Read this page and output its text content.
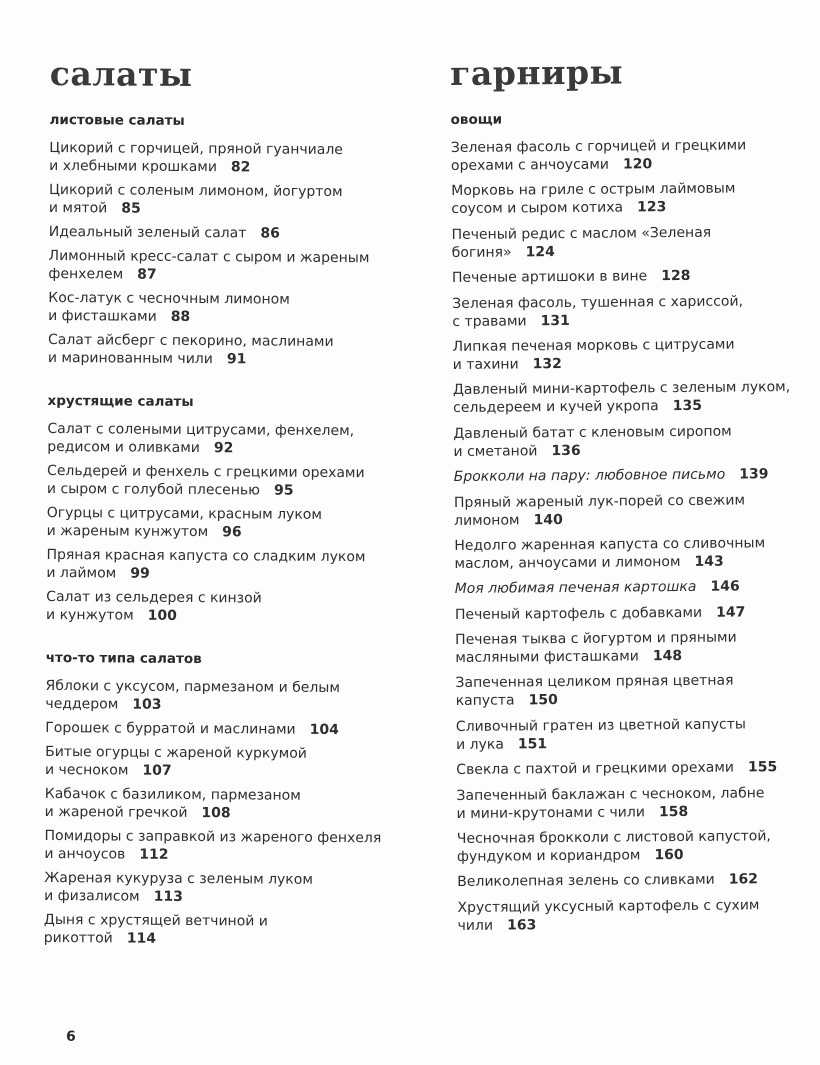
салаты
листовые салаты
Цикорий с горчицей, пряной гуанчиале
и хлебными крошками 82
Цикорий с соленым лимоном, йогуртом
и мятой 85
Идеальный зеленый салат 86
Лимонный кресс-салат с сыром и жареным
фенхелем 87
Кос-латук с чесночным лимоном
и фисташками 88
Салат айсберг с пекорино, маслинами
и маринованным чили 91
хрустящие салаты
Салат с солеными цитрусами, фенхелем,
редисом и оливками 92
Сельдерей и фенхель с грецкими орехами
и сыром с голубой плесенью 95
Огурцы с цитрусами, красным луком
и жареным кунжутом 96
Пряная красная капуста со сладким луком
и лаймом 99
Салат из сельдерея с кинзой
и кунжутом 100
что-то типа салатов
Яблоки с уксусом, пармезаном и белым
чеддером 103
Горошек с бурратой и маслинами 104
Битые огурцы с жареной куркумой
и чесноком 107
Кабачок с базиликом, пармезаном
и жареной гречкой 108
Помидоры с заправкой из жареного фенхеля
и анчоусов 112
Жареная кукуруза с зеленым луком
и физалисом 113
Дыня с хрустящей ветчиной и рикоттой 114
гарниры
овощи
Зеленая фасоль с горчицей и грецкими
орехами с анчоусами 120
Морковь на гриле с острым лаймовым
соусом и сыром котиха 123
Печеный редис с маслом «Зеленая
богиня» 124
Печеные артишоки в вине 128
Зеленая фасоль, тушенная с хариссой,
с травами 131
Липкая печеная морковь с цитрусами
и тахини 132
Давленый мини-картофель с зеленым луком,
сельдереем и кучей укропа 135
Давленый батат с кленовым сиропом
и сметаной 136
Брокколи на пару: любовное письмо 139
Пряный жареный лук-порей со свежим
лимоном 140
Недолго жаренная капуста со сливочным
маслом, анчоусами и лимоном 143
Моя любимая печеная картошка 146
Печеный картофель с добавками 147
Печеная тыква с йогуртом и пряными
масляными фисташками 148
Запеченная целиком пряная цветная
капуста 150
Сливочный гратен из цветной капусты
и лука 151
Свекла с пахтой и грецкими орехами 155
Запеченный баклажан с чесноком, лабне
и мини-крутонами с чили 158
Чесночная брокколи с листовой капустой,
фундуком и кориандром 160
Великолепная зелень со сливками 162
Хрустящий уксусный картофель с сухим
чили 163
6
